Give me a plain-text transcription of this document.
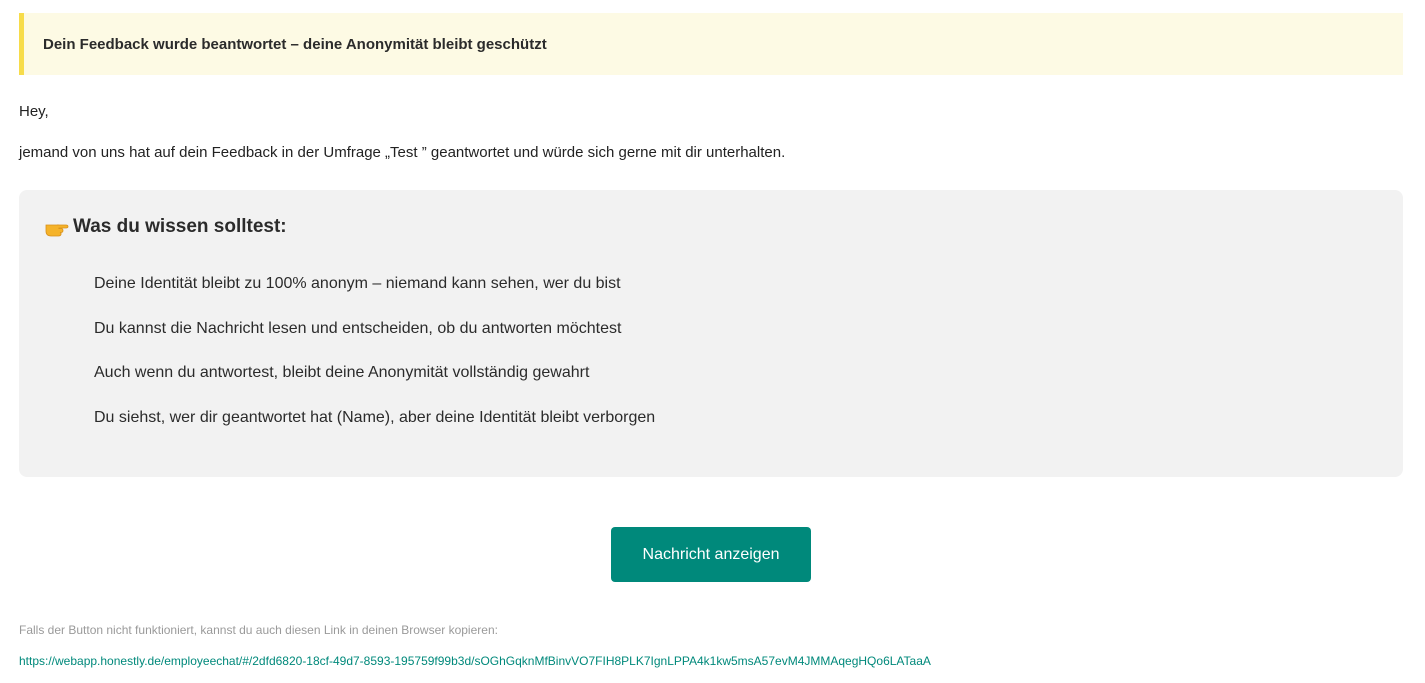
Dein Feedback wurde beantwortet – deine Anonymität bleibt geschützt
Hey,
jemand von uns hat auf dein Feedback in der Umfrage „Test ” geantwortet und würde sich gerne mit dir unterhalten.
Was du wissen solltest:
Deine Identität bleibt zu 100% anonym – niemand kann sehen, wer du bist
Du kannst die Nachricht lesen und entscheiden, ob du antworten möchtest
Auch wenn du antwortest, bleibt deine Anonymität vollständig gewahrt
Du siehst, wer dir geantwortet hat (Name), aber deine Identität bleibt verborgen
Nachricht anzeigen
Falls der Button nicht funktioniert, kannst du auch diesen Link in deinen Browser kopieren:
https://webapp.honestly.de/employeechat/#/2dfd6820-18cf-49d7-8593-195759f99b3d/sOGhGqknMfBinvVO7FIH8PLK7IgnLPPA4k1kw5msA57evM4JMMAqegHQo6LATaaA
